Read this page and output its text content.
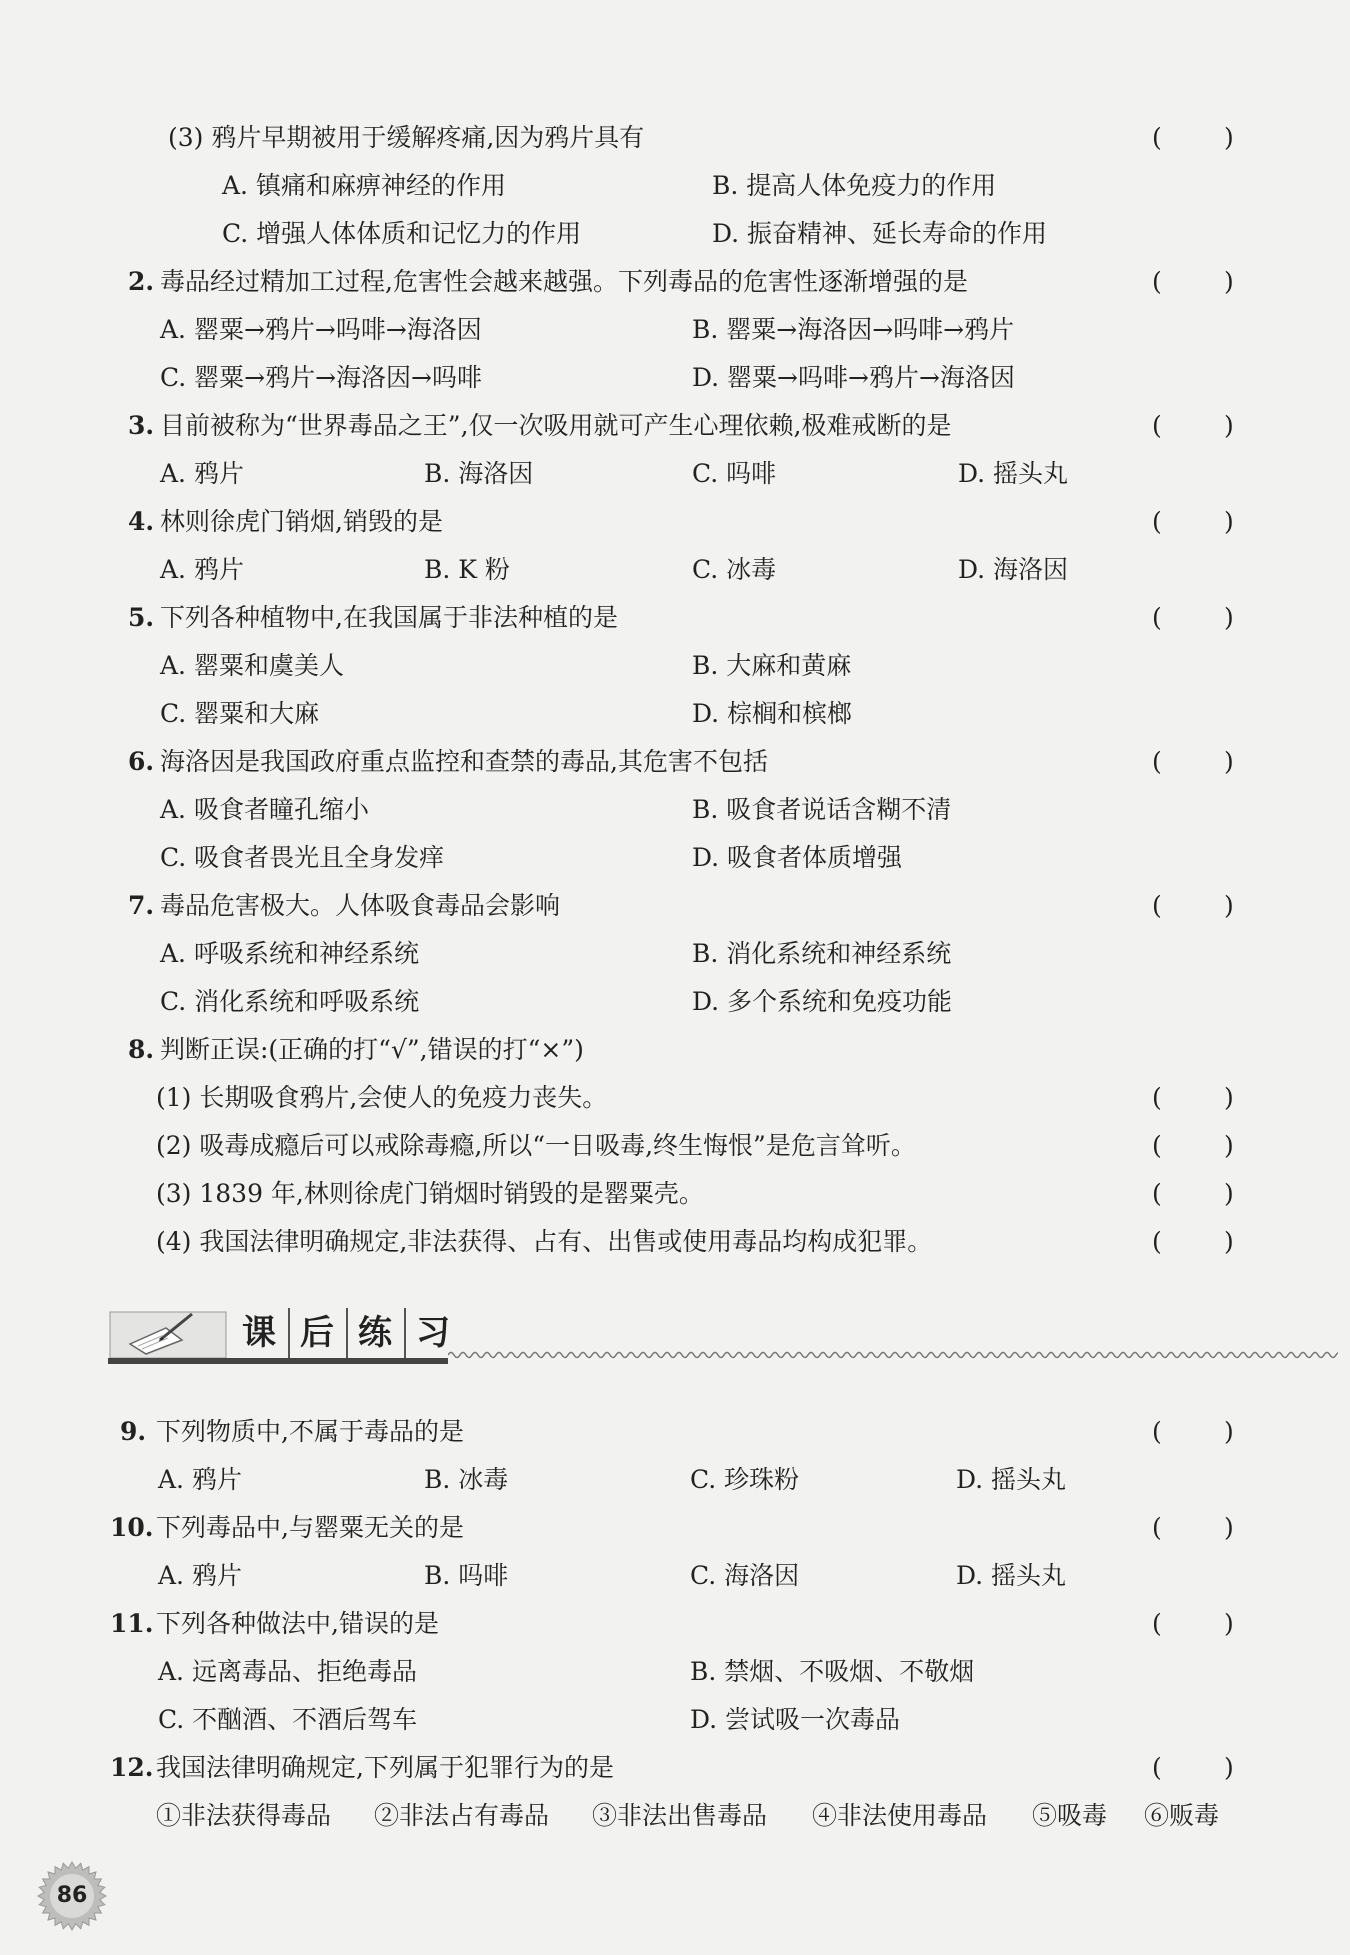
(3) 鸦片早期被用于缓解疼痛,因为鸦片具有	( )
A. 镇痛和麻痹神经的作用	B. 提高人体免疫力的作用
C. 增强人体体质和记忆力的作用	D. 振奋精神、延长寿命的作用
2. 毒品经过精加工过程,危害性会越来越强。下列毒品的危害性逐渐增强的是	( )
A. 罂粟→鸦片→吗啡→海洛因	B. 罂粟→海洛因→吗啡→鸦片
C. 罂粟→鸦片→海洛因→吗啡	D. 罂粟→吗啡→鸦片→海洛因
3. 目前被称为“世界毒品之王”,仅一次吸用就可产生心理依赖,极难戒断的是	( )
A. 鸦片	B. 海洛因	C. 吗啡	D. 摇头丸
4. 林则徐虎门销烟,销毁的是	( )
A. 鸦片	B. K 粉	C. 冰毒	D. 海洛因
5. 下列各种植物中,在我国属于非法种植的是	( )
A. 罂粟和虞美人	B. 大麻和黄麻
C. 罂粟和大麻	D. 棕榈和槟榔
6. 海洛因是我国政府重点监控和查禁的毒品,其危害不包括	( )
A. 吸食者瞳孔缩小	B. 吸食者说话含糊不清
C. 吸食者畏光且全身发痒	D. 吸食者体质增强
7. 毒品危害极大。人体吸食毒品会影响	( )
A. 呼吸系统和神经系统	B. 消化系统和神经系统
C. 消化系统和呼吸系统	D. 多个系统和免疫功能
8. 判断正误:(正确的打“√”,错误的打“×”)
(1) 长期吸食鸦片,会使人的免疫力丧失。	( )
(2) 吸毒成瘾后可以戒除毒瘾,所以“一日吸毒,终生悔恨”是危言耸听。	( )
(3) 1839 年,林则徐虎门销烟时销毁的是罂粟壳。	( )
(4) 我国法律明确规定,非法获得、占有、出售或使用毒品均构成犯罪。	( )
课 后 练 习
9. 下列物质中,不属于毒品的是	( )
A. 鸦片	B. 冰毒	C. 珍珠粉	D. 摇头丸
10. 下列毒品中,与罂粟无关的是	( )
A. 鸦片	B. 吗啡	C. 海洛因	D. 摇头丸
11. 下列各种做法中,错误的是	( )
A. 远离毒品、拒绝毒品	B. 禁烟、不吸烟、不敬烟
C. 不酗酒、不酒后驾车	D. 尝试吸一次毒品
12. 我国法律明确规定,下列属于犯罪行为的是	( )
①非法获得毒品 ②非法占有毒品 ③非法出售毒品 ④非法使用毒品 ⑤吸毒 ⑥贩毒
86
